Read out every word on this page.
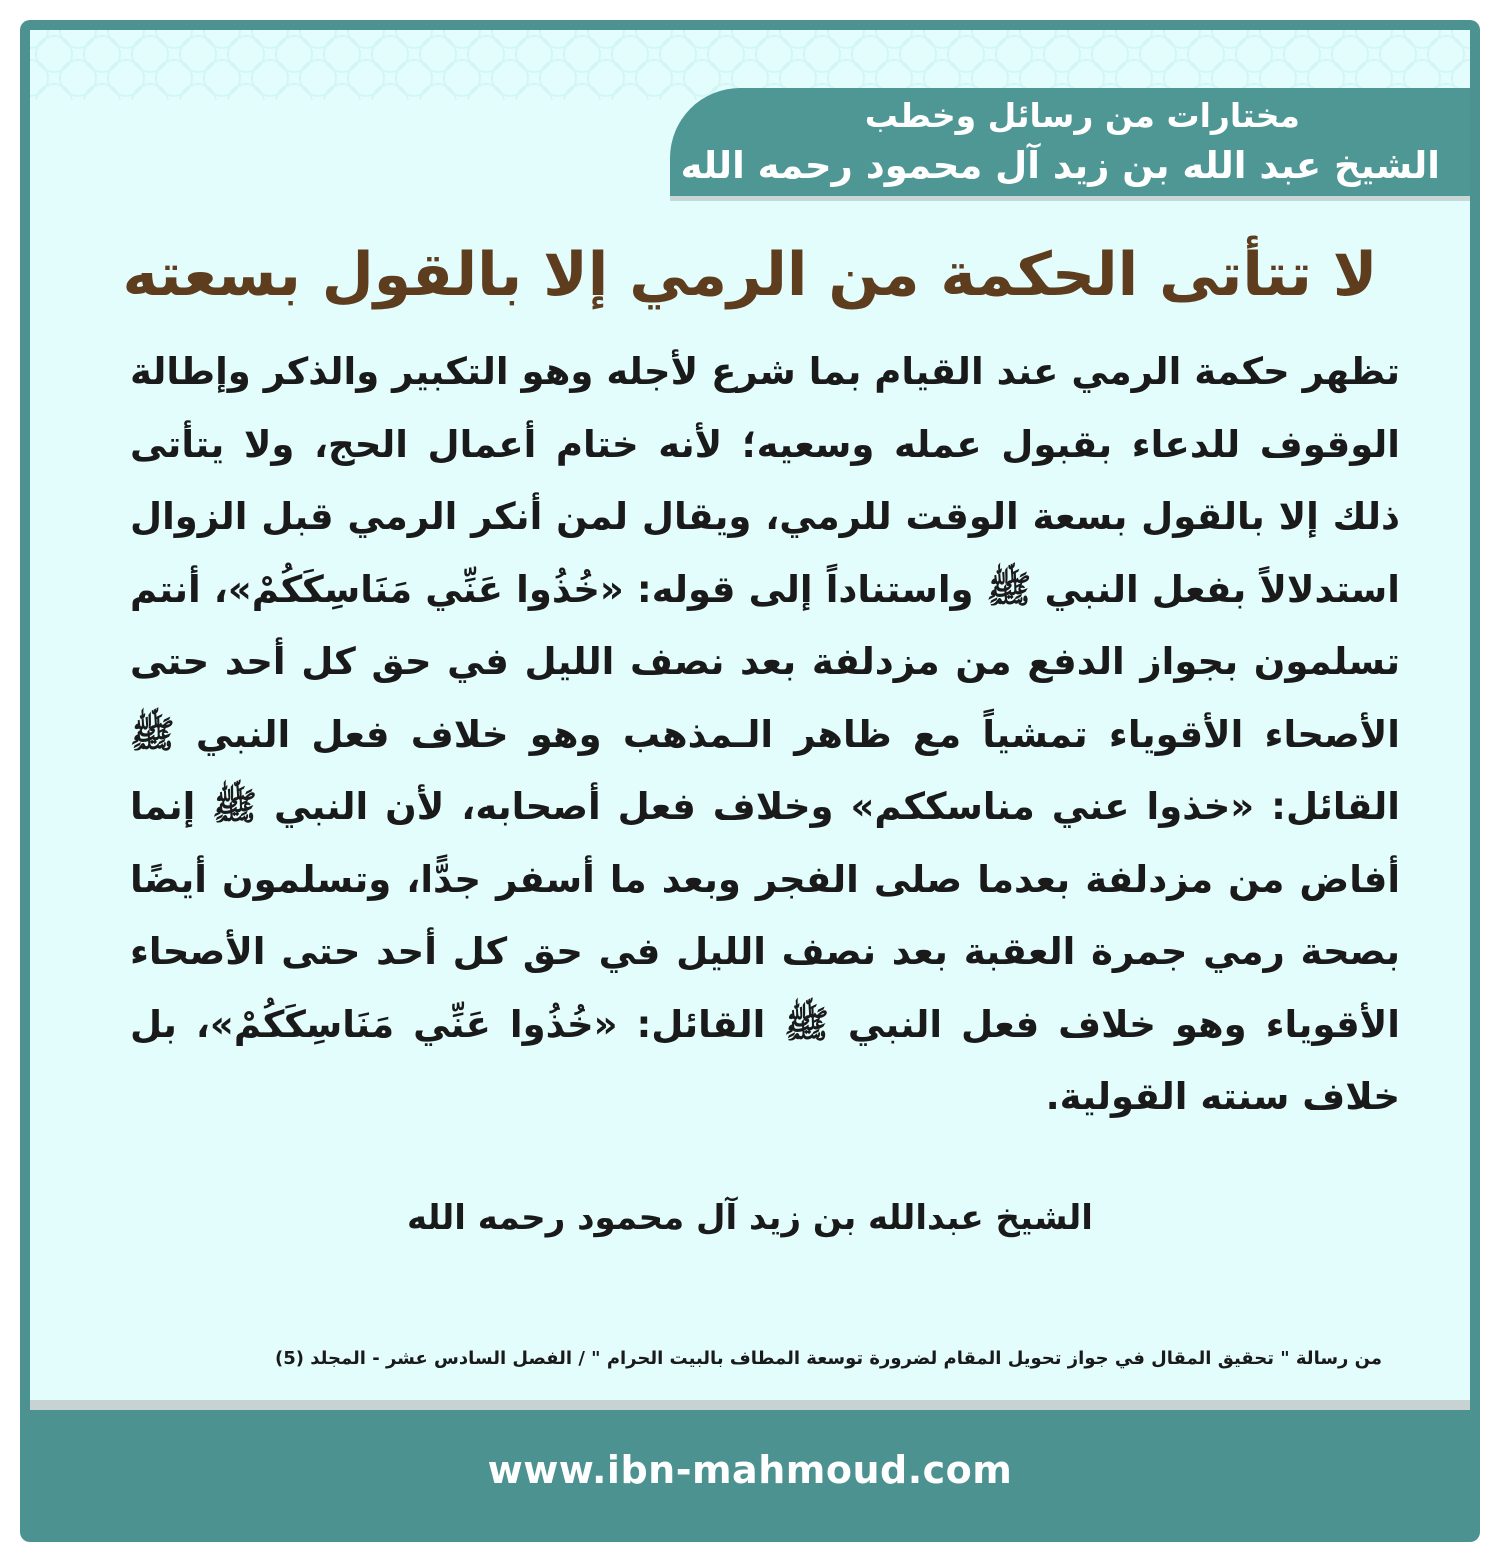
مختارات من رسائل وخطب
الشيخ عبد الله بن زيد آل محمود رحمه الله
لا تتأتى الحكمة من الرمي إلا بالقول بسعته
تظهر حكمة الرمي عند القيام بما شرع لأجله وهو التكبير والذكر وإطالة الوقوف للدعاء بقبول عمله وسعيه؛ لأنه ختام أعمال الحج، ولا يتأتى ذلك إلا بالقول بسعة الوقت للرمي، ويقال لمن أنكر الرمي قبل الزوال استدلالاً بفعل النبي ﷺ واستناداً إلى قوله: «خُذُوا عَنِّي مَنَاسِكَكُمْ»، أنتم تسلمون بجواز الدفع من مزدلفة بعد نصف الليل في حق كل أحد حتى الأصحاء الأقوياء تمشياً مع ظاهر الـمذهب وهو خلاف فعل النبي ﷺ القائل: «خذوا عني مناسككم» وخلاف فعل أصحابه، لأن النبي ﷺ إنما أفاض من مزدلفة بعدما صلى الفجر وبعد ما أسفر جدًّا، وتسلمون أيضًا بصحة رمي جمرة العقبة بعد نصف الليل في حق كل أحد حتى الأصحاء الأقوياء وهو خلاف فعل النبي ﷺ القائل: «خُذُوا عَنِّي مَنَاسِكَكُمْ»، بل خلاف سنته القولية.
الشيخ عبدالله بن زيد آل محمود رحمه الله
من رسالة " تحقيق المقال في جواز تحويل المقام لضرورة توسعة المطاف بالبيت الحرام " / الفصل السادس عشر - المجلد (5)
www.ibn-mahmoud.com
